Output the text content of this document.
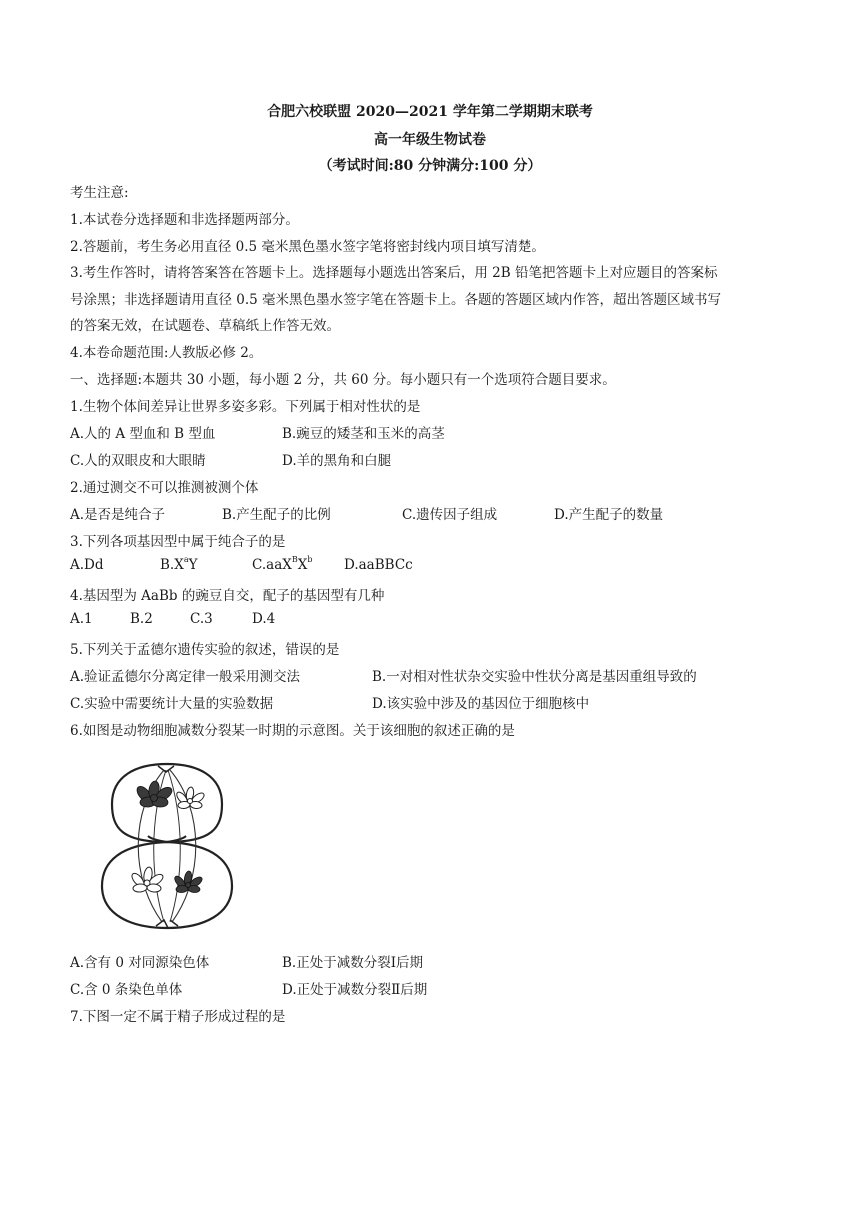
合肥六校联盟 2020—2021 学年第二学期期末联考
高一年级生物试卷
（考试时间:80 分钟满分:100 分）
考生注意:
1.本试卷分选择题和非选择题两部分。
2.答题前，考生务必用直径 0.5 毫米黑色墨水签字笔将密封线内项目填写清楚。
3.考生作答时，请将答案答在答题卡上。选择题每小题选出答案后，用 2B 铅笔把答题卡上对应题目的答案标
号涂黑；非选择题请用直径 0.5 毫米黑色墨水签字笔在答题卡上。各题的答题区域内作答，超出答题区域书写
的答案无效，在试题卷、草稿纸上作答无效。
4.本卷命题范围:人教版必修 2。
一、选择题:本题共 30 小题，每小题 2 分，共 60 分。每小题只有一个选项符合题目要求。
1.生物个体间差异让世界多姿多彩。下列属于相对性状的是
A.人的 A 型血和 B 型血	B.豌豆的矮茎和玉米的高茎
C.人的双眼皮和大眼睛	D.羊的黑角和白腿
2.通过测交不可以推测被测个体
A.是否是纯合子	B.产生配子的比例	C.遗传因子组成	D.产生配子的数量
3.下列各项基因型中属于纯合子的是
A.Dd	$B.X^aY$	$C.aaX^BX^b$ D.aaBBCc
4.基因型为 AaBb 的豌豆自交，配子的基因型有几种
A.1	B.2	C.3	D.4
5.下列关于孟德尔遗传实验的叙述，错误的是
A.验证孟德尔分离定律一般采用测交法	B.一对相对性状杂交实验中性状分离是基因重组导致的
C.实验中需要统计大量的实验数据	D.该实验中涉及的基因位于细胞核中
6.如图是动物细胞减数分裂某一时期的示意图。关于该细胞的叙述正确的是
A.含有 0 对同源染色体	B.正处于减数分裂Ⅰ后期
C.含 0 条染色单体	D.正处于减数分裂Ⅱ后期
7.下图一定不属于精子形成过程的是
